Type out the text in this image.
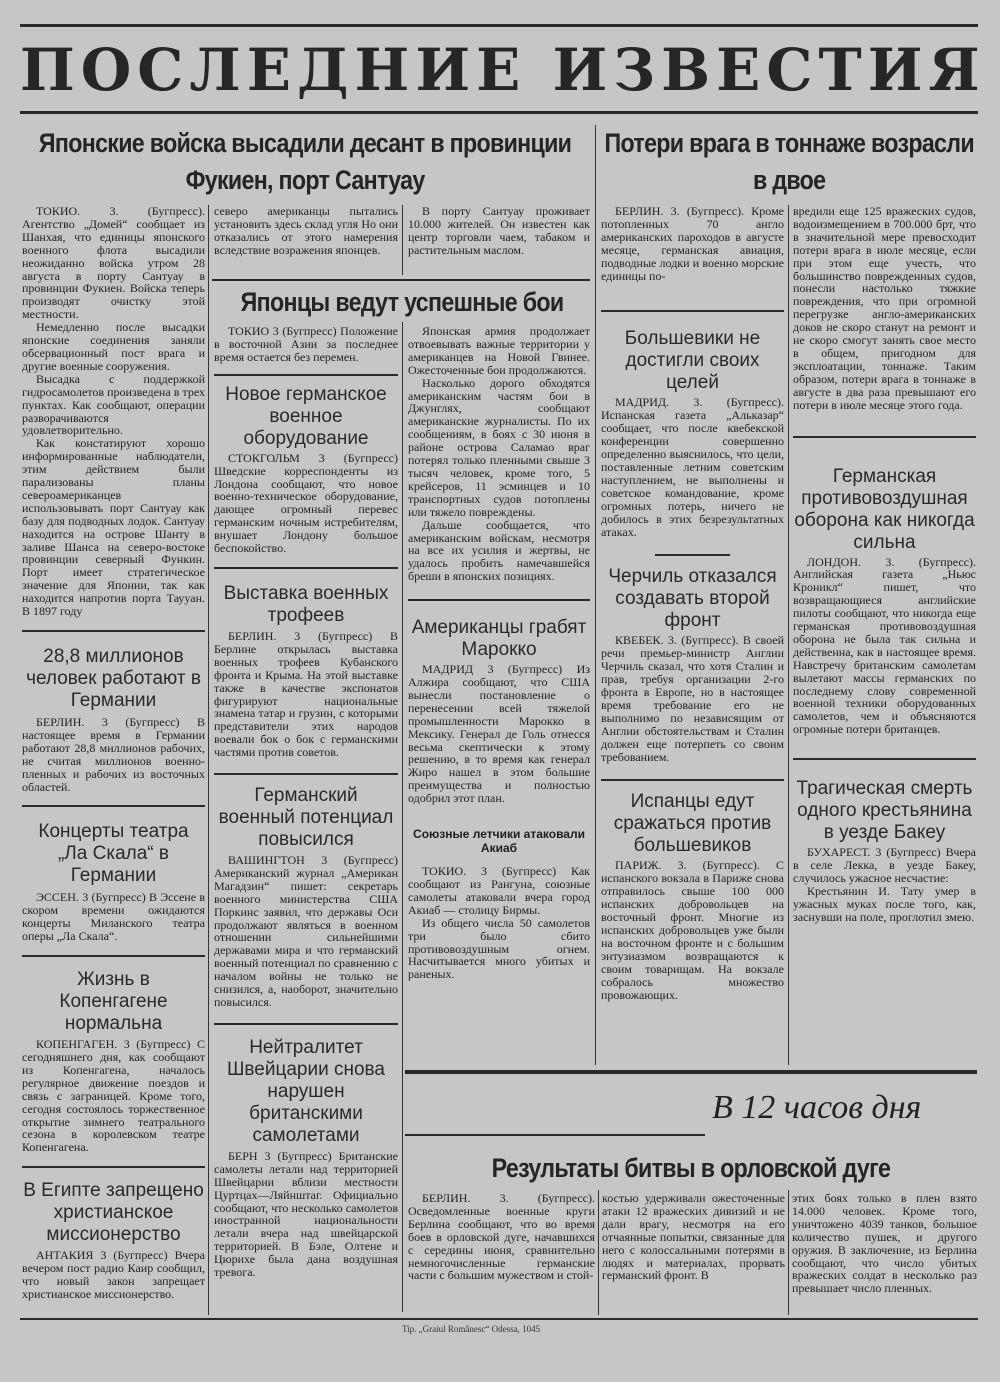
ПОСЛЕДНИЕ ИЗВЕСТИЯ
Японские войска высадили десант в провинции Фукиен, порт Сантуау
Потери врага в тоннаже возрасли в двое

северо американцы пытались установить здесь склад угля Но они отказались от этого намерения вследствие возражения японцев.

В порту Сантуау проживает 10.000 жителей. Он известен как центр торговли чаем, табаком и растительным маслом.

Японцы ведут успешные бои

ТОКИО. 3. (Бугпресс). Агентство „Домей“ сообщает из Шанхая, что единицы японского военного флота высадили неожиданно войска утром 28 августа в порту Сантуау в провинции Фукиен. Войска теперь производят очистку этой местности.

Немедленно после высадки японские соединения заняли обсервационный пост врага и другие военные сооружения.

Высадка с поддержкой гидросамолетов произведена в трех пунктах. Как сообщают, операции разворачиваются удовлетворительно.

Как констатируют хорошо информированные наблюдатели, этим действием были парализованы планы североамериканцев использовывать порт Сантуау как базу для подводных лодок. Сантуау находится на острове Шанту в заливе Шанса на северо-востоке провинции северный Функин. Порт имеет стратегическое значение для Японии, так как находится напротив порта Таууан. В 1897 году

28,8 миллионов человек работают в Германии

БЕРЛИН. 3 (Бугпресс) В настоящее время в Германии работают 28,8 миллионов рабочих, не считая миллионов военно-пленных и рабочих из восточных областей.

Концерты театра „Ла Скала“ в Германии

ЭССЕН. 3 (Бугпресс) В Эссене в скором времени ожидаются концерты Миланского театра оперы „Ла Скала“.

Жизнь в Копенгагене нормальна

КОПЕНГАГЕН. 3 (Бугпресс) С сегодняшнего дня, как сообщают из Копенгагена, началось регулярное движение поездов и связь с заграницей. Кроме того, сегодня состоялось торжественное открытие зимнего театрального сезона в королевском театре Копенгагена.

В Египте запрещено христианское миссионерство

АНТАКИЯ 3 (Бугпресс) Вчера вечером пост радио Каир сообщил, что новый закон запрещает христианское миссионерство.

ТОКИО 3 (Бугпресс) Положение в восточной Азии за последнее время остается без перемен.

Новое германское военное оборудование

СТОКГОЛЬМ 3 (Бугпресс) Шведские корреспонденты из Лондона сообщают, что новое военно-техническое оборудование, дающее огромный перевес германским ночным истребителям, внушает Лондону большое беспокойство.

Выставка военных трофеев

БЕРЛИН. 3 (Бугпресс) В Берлине открылась выставка военных трофеев Кубанского фронта и Крыма. На этой выставке также в качестве экспонатов фигурируют национальные знамена татар и грузин, с которыми представители этих народов воевали бок о бок с германскими частями против советов.

Германский военный потенциал повысился

ВАШИНГТОН 3 (Бугпресс) Американский журнал „Американ Магадзин“ пишет: секретарь военного министерства США Поркинс заявил, что державы Оси продолжают являться в военном отношении сильнейшими державами мира и что германский военный потенциал по сравнению с началом войны не только не снизился, а, наоборот, значительно повысился.

Нейтралитет Швейцарии снова нарушен британскими самолетами

БЕРН 3 (Бугпресс) Британские самолеты летали над территорией Швейцарии вблизи местности Цуртцах—Ляйнштаг. Официально сообщают, что несколько самолетов иностранной национальности летали вчера над швейцарской территорией. В Бэле, Олтене и Цюрихе была дана воздушная тревога.

Японская армия продолжает отвоевывать важные территории у американцев на Новой Гвинее. Ожесточенные бои продолжаются.

Насколько дорого обходятся американским частям бои в Джунглях, сообщают американские журналисты. По их сообщениям, в боях с 30 июня в районе острова Саламао враг потерял только пленными свыше 3 тысяч человек, кроме того, 5 крейсеров, 11 эсминцев и 10 транспортных судов потоплены или тяжело повреждены.

Дальше сообщается, что американским войскам, несмотря на все их усилия и жертвы, не удалось пробить намечавшейся бреши в японских позициях.

Американцы грабят Марокко

МАДРИД 3 (Бугпресс) Из Алжира сообщают, что США вынесли постановление о перенесении всей тяжелой промышленности Марокко в Мексику. Генерал де Голь отнесся весьма скептически к этому решению, в то время как генерал Жиро нашел в этом большие преимущества и полностью одобрил этот план.

Союзные летчики атаковали Акиаб

ТОКИО. 3 (Бугпресс) Как сообщают из Рангуна, союзные самолеты атаковали вчера город Акиаб — столицу Бирмы.

Из общего числа 50 самолетов три было сбито противовоздушным огнем. Насчитывается много убитых и раненых.

БЕРЛИН. 3. (Бугпресс). Кроме потопленных 70 англо американских пароходов в августе месяце, германская авиация, подводные лодки и военно морские единицы по-

Большевики не достигли своих целей

МАДРИД. 3. (Бугпресс). Испанская газета „Альказар“ сообщает, что после квебекской конференции совершенно определенно выяснилось, что цели, поставленные летним советским наступлением, не выполнены и советское командование, кроме огромных потерь, ничего не добилось в этих безрезультатных атаках.

Черчиль отказался создавать второй фронт

КВЕБЕК. 3. (Бугпресс). В своей речи премьер-министр Англии Черчиль сказал, что хотя Сталин и прав, требуя организации 2-го фронта в Европе, но в настоящее время требование его не выполнимо по независящим от Англии обстоятельствам и Сталин должен еще потерпеть со своим требованием.

Испанцы едут сражаться против большевиков

ПАРИЖ. 3. (Бугпресс). С испанского вокзала в Париже снова отправилось свыше 100 000 испанских добровольцев на восточный фронт. Многие из испанских добровольцев уже были на восточном фронте и с большим энтузиазмом возвращаются к своим товарищам. На вокзале собралось множество провожающих.

вредили еще 125 вражеских судов, водоизмещением в 700.000 брт, что в значительной мере превосходит потери врага в июле месяце, если при этом еще учесть, что большинство поврежденных судов, понесли настолько тяжкие повреждения, что при огромной перегрузке англо-американских доков не скоро станут на ремонт и не скоро смогут занять свое место в общем, пригодном для эксплоатации, тоннаже. Таким образом, потери врага в тоннаже в августе в два раза превышают его потери в июле месяце этого года.

Германская противовоздушная оборона как никогда сильна

ЛОНДОН. 3. (Бугпресс). Английская газета „Ньюс Кроникл“ пишет, что возвращающиеся английские пилоты сообщают, что никогда еще германская противовоздушная оборона не была так сильна и действенна, как в настоящее время. Навстречу британским самолетам вылетают массы германских по последнему слову современной военной техники оборудованных самолетов, чем и объясняются огромные потери британцев.

Трагическая смерть одного крестьянина в уезде Бакеу

БУХАРЕСТ. 3 (Бугпресс) Вчера в селе Лекка, в уезде Бакеу, случилось ужасное несчастие:

Крестьянин И. Тату умер в ужасных муках после того, как, заснувши на поле, проглотил змею.

В 12 часов дня
Результаты битвы в орловской дуге

БЕРЛИН. 3. (Бугпресс). Осведомленные военные круги Берлина сообщают, что во время боев в орловской дуге, начавшихся с середины июня, сравнительно немногочисленные германские части с большим мужеством и стой-

костью удерживали ожесточенные атаки 12 вражеских дивизий и не дали врагу, несмотря на его отчаянные попытки, связанные для него с колоссальными потерями в людях и материалах, прорвать германский фронт. В

этих боях только в плен взято 14.000 человек. Кроме того, уничтожено 4039 танков, большое количество пушек, и другого оружия. В заключение, из Берлина сообщают, что число убитых вражеских солдат в несколько раз превышает число пленных.

Tip. „Graiul Românesc“ Odessa, 1045
